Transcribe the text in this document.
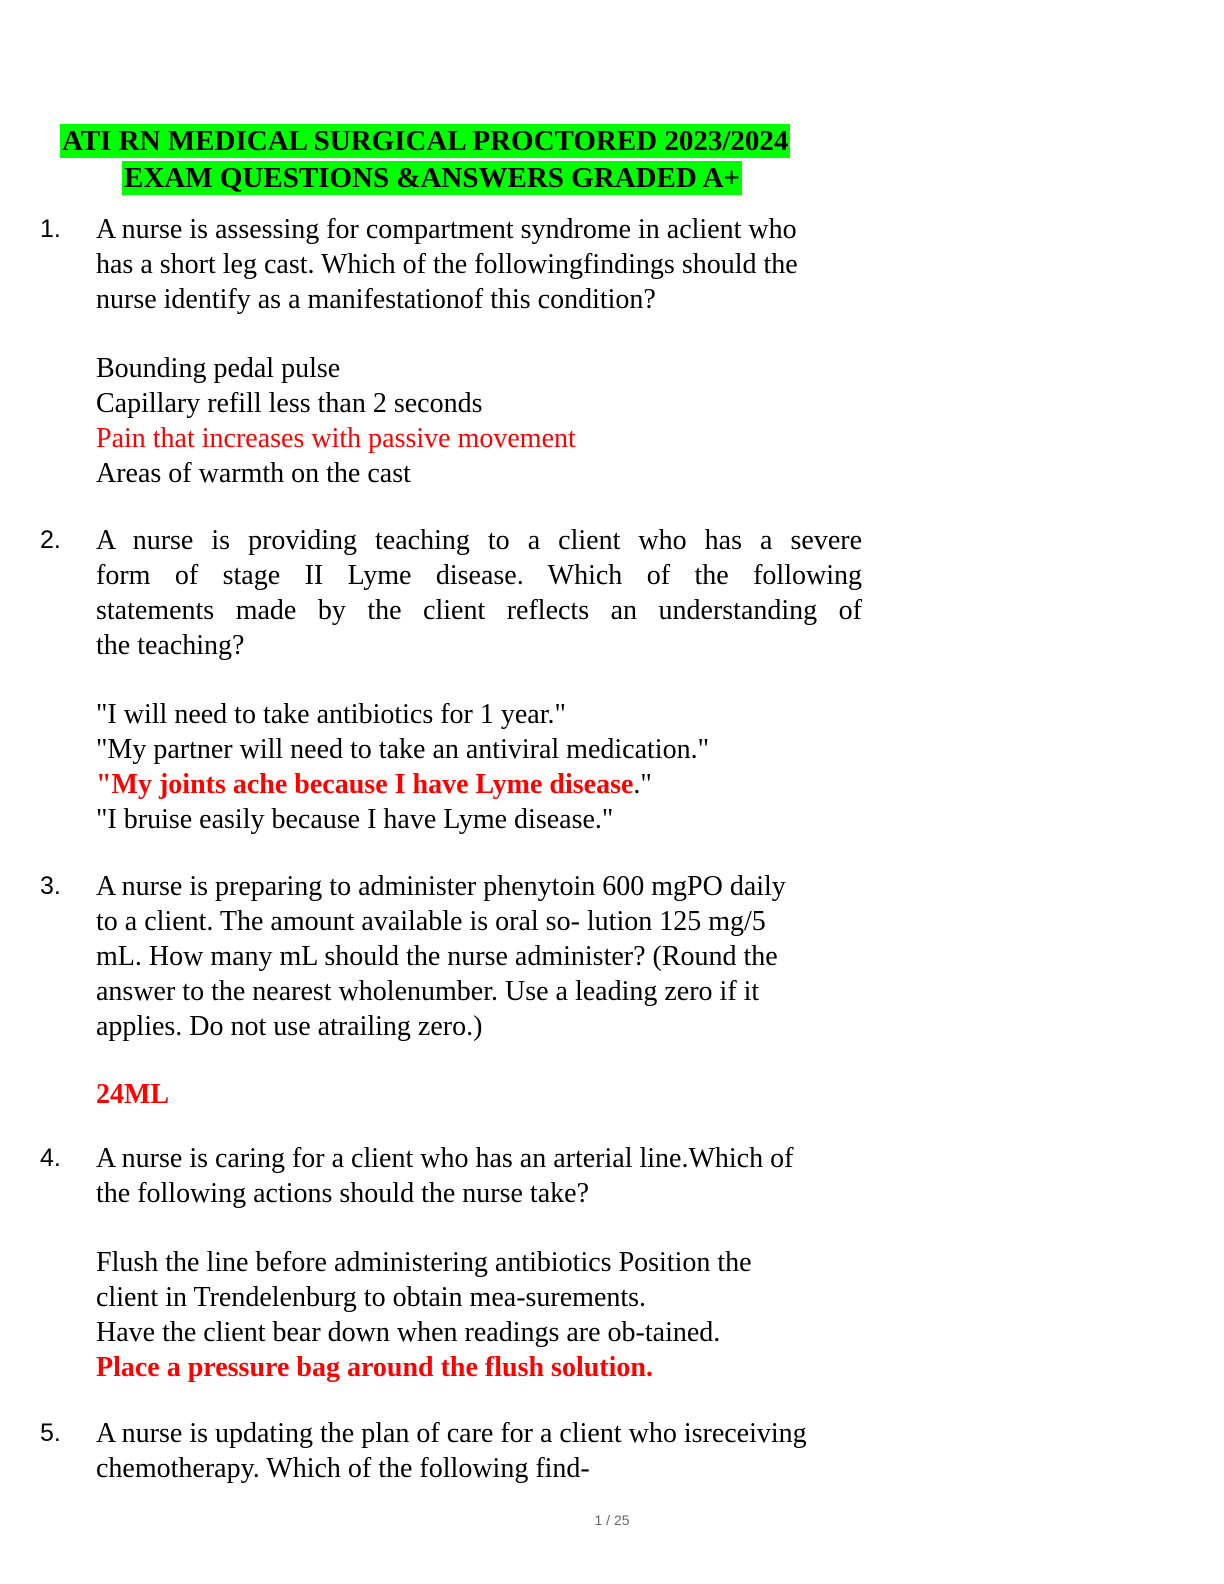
ATI RN MEDICAL SURGICAL PROCTORED 2023/2024
EXAM QUESTIONS &ANSWERS GRADED A+
1. A nurse is assessing for compartment syndrome in aclient who
has a short leg cast. Which of the followingfindings should the
nurse identify as a manifestationof this condition?
Bounding pedal pulse
Capillary refill less than 2 seconds
Pain that increases with passive movement
Areas of warmth on the cast
2. A nurse is providing teaching to a client who has a severe
form of stage II Lyme disease. Which of the following
statements made by the client reflects an understanding of
the teaching?
"I will need to take antibiotics for 1 year."
"My partner will need to take an antiviral medication."
"My joints ache because I have Lyme disease."
"I bruise easily because I have Lyme disease."
3. A nurse is preparing to administer phenytoin 600 mgPO daily
to a client. The amount available is oral so- lution 125 mg/5
mL. How many mL should the nurse administer? (Round the
answer to the nearest wholenumber. Use a leading zero if it
applies. Do not use atrailing zero.)
24ML
4. A nurse is caring for a client who has an arterial line.Which of
the following actions should the nurse take?
Flush the line before administering antibiotics Position the
client in Trendelenburg to obtain mea-surements.
Have the client bear down when readings are ob-tained.
Place a pressure bag around the flush solution.
5. A nurse is updating the plan of care for a client who isreceiving
chemotherapy. Which of the following find-
1 / 25
